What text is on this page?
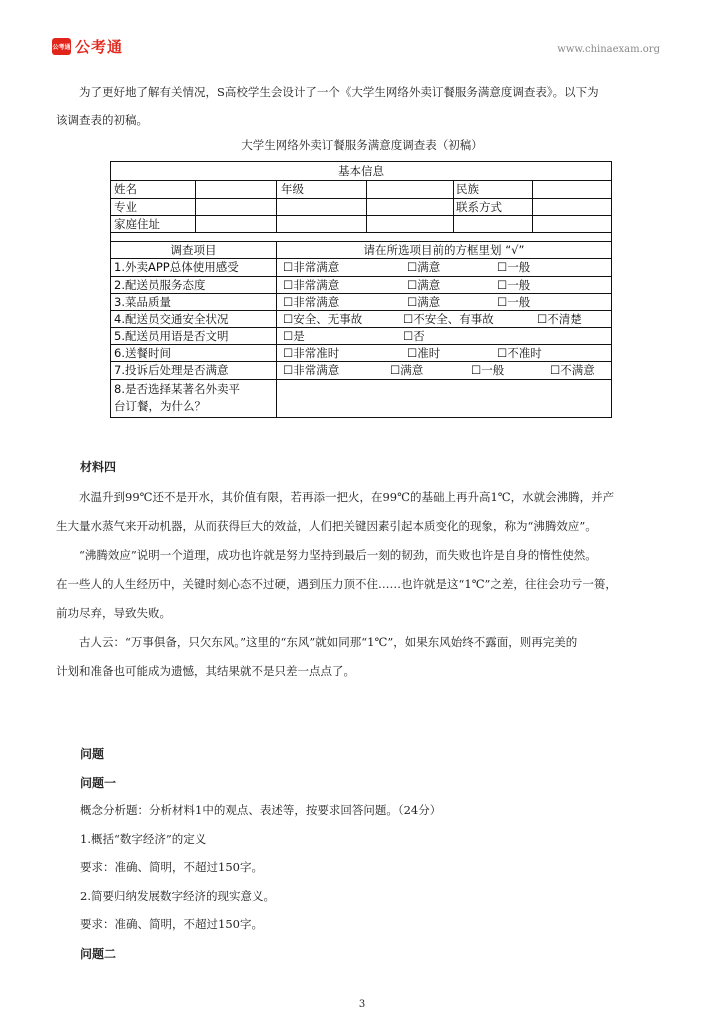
公考通 公考通	www.chinaexam.org
为了更好地了解有关情况，S高校学生会设计了一个《大学生网络外卖订餐服务满意度调查表》。以下为
该调查表的初稿。
大学生网络外卖订餐服务满意度调查表（初稿）
基本信息
姓名	年级	民族
专业	联系方式
家庭住址
调查项目	请在所选项目前的方框里划 “√”
1.外卖APP总体使用感受	☐非常满意	☐满意	☐一般
2.配送员服务态度	☐非常满意	☐满意	☐一般
3.菜品质量	☐非常满意	☐满意	☐一般
4.配送员交通安全状况	☐安全、无事故	☐不安全、有事故	☐不清楚
5.配送员用语是否文明	☐是	☐否
6.送餐时间	☐非常准时	☐准时	☐不准时
7.投诉后处理是否满意	☐非常满意	☐满意	☐一般	☐不满意
8.是否选择某著名外卖平
台订餐，为什么？
材料四
水温升到99℃还不是开水，其价值有限，若再添一把火，在99℃的基础上再升高1℃，水就会沸腾，并产
生大量水蒸气来开动机器，从而获得巨大的效益，人们把关键因素引起本质变化的现象，称为“沸腾效应”。
“沸腾效应”说明一个道理，成功也许就是努力坚持到最后一刻的韧劲，而失败也许是自身的惰性使然。
在一些人的人生经历中，关键时刻心态不过硬，遇到压力顶不住……也许就是这“1℃”之差，往往会功亏一篑，
前功尽弃，导致失败。
古人云：“万事俱备，只欠东风。”这里的“东风”就如同那“1℃”，如果东风始终不露面，则再完美的
计划和准备也可能成为遗憾，其结果就不是只差一点点了。
问题
问题一
概念分析题：分析材料1中的观点、表述等，按要求回答问题。（24分）
1.概括“数字经济”的定义
要求：准确、简明，不超过150字。
2.简要归纳发展数字经济的现实意义。
要求：准确、简明，不超过150字。
问题二
3
